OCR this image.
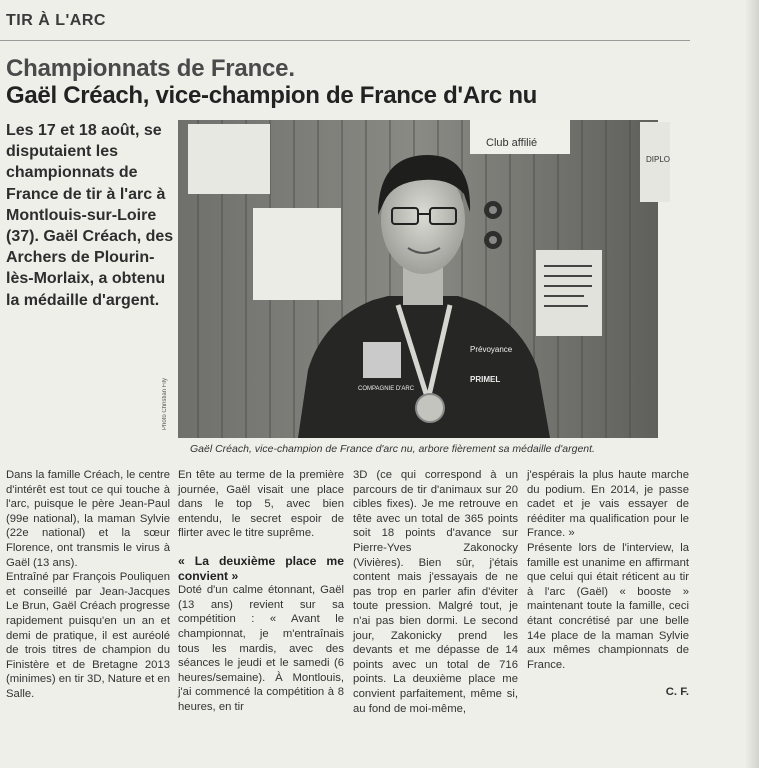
TIR À L'ARC
Championnats de France.
Gaël Créach, vice-champion de France d'Arc nu
Les 17 et 18 août, se disputaient les championnats de France de tir à l'arc à Montlouis-sur-Loire (37). Gaël Créach, des Archers de Plourin-lès-Morlaix, a obtenu la médaille d'argent.
Photo Christian Fily
Club affilié
DIPLO
COMPAGNIE D'ARC
Prévoyance
PRIMEL
Gaël Créach, vice-champion de France d'arc nu, arbore fièrement sa médaille d'argent.

Dans la famille Créach, le centre d'intérêt est tout ce qui touche à l'arc, puisque le père Jean-Paul (99e national), la maman Sylvie (22e national) et la sœur Florence, ont transmis le virus à Gaël (13 ans).

Entraîné par François Pouliquen et conseillé par Jean-Jacques Le Brun, Gaël Créach progresse rapidement puisqu'en un an et demi de pratique, il est auréolé de trois titres de champion du Finistère et de Bretagne 2013 (minimes) en tir 3D, Nature et en Salle.

En tête au terme de la première journée, Gaël visait une place dans le top 5, avec bien entendu, le secret espoir de flirter avec le titre suprême.

« La deuxième place me convient »

Doté d'un calme étonnant, Gaël (13 ans) revient sur sa compétition : « Avant le championnat, je m'entraînais tous les mardis, avec des séances le jeudi et le samedi (6 heures/semaine). À Montlouis, j'ai commencé la compétition à 8 heures, en tir

3D (ce qui correspond à un parcours de tir d'animaux sur 20 cibles fixes). Je me retrouve en tête avec un total de 365 points soit 18 points d'avance sur Pierre-Yves Zakonocky (Vivières). Bien sûr, j'étais content mais j'essayais de ne pas trop en parler afin d'éviter toute pression. Malgré tout, je n'ai pas bien dormi. Le second jour, Zakonicky prend les devants et me dépasse de 14 points avec un total de 716 points. La deuxième place me convient parfaitement, même si, au fond de moi-même,

j'espérais la plus haute marche du podium. En 2014, je passe cadet et je vais essayer de rééditer ma qualification pour le France. »

Présente lors de l'interview, la famille est unanime en affirmant que celui qui était réticent au tir à l'arc (Gaël) « booste » maintenant toute la famille, ceci étant concrétisé par une belle 14e place de la maman Sylvie aux mêmes championnats de France.

C. F.
